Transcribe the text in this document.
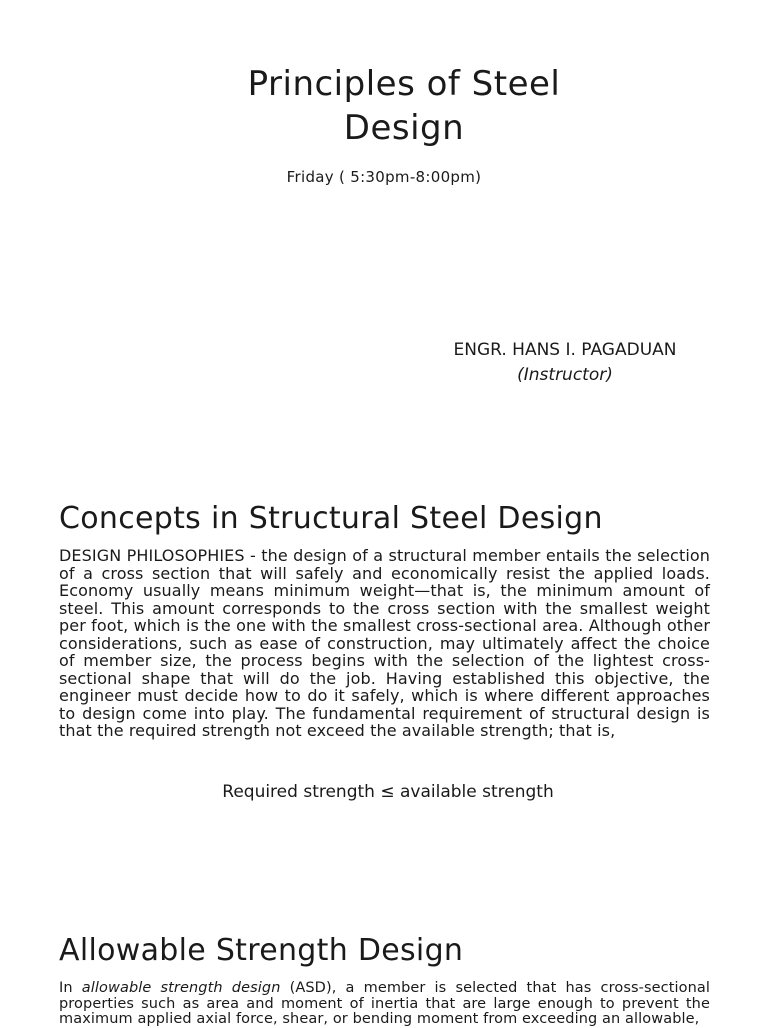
Principles of Steel
Design
Friday ( 5:30pm-8:00pm)
ENGR. HANS I. PAGADUAN
(Instructor)
Concepts in Structural Steel Design

DESIGN PHILOSOPHIES - the design of a structural member entails the selection of a cross section that will safely and economically resist the applied loads. Economy usually means minimum weight—that is, the minimum amount of steel. This amount corresponds to the cross section with the smallest weight per foot, which is the one with the smallest cross-sectional area. Although other considerations, such as ease of construction, may ultimately affect the choice of member size, the process begins with the selection of the lightest cross-sectional shape that will do the job. Having established this objective, the engineer must decide how to do it safely, which is where different approaches to design come into play. The fundamental requirement of structural design is that the required strength not exceed the available strength; that is,

Required strength ≤ available strength
Allowable Strength Design

In allowable strength design (ASD), a member is selected that has cross-sectional properties such as area and moment of inertia that are large enough to prevent the maximum applied axial force, shear, or bending moment from exceeding an allowable,
